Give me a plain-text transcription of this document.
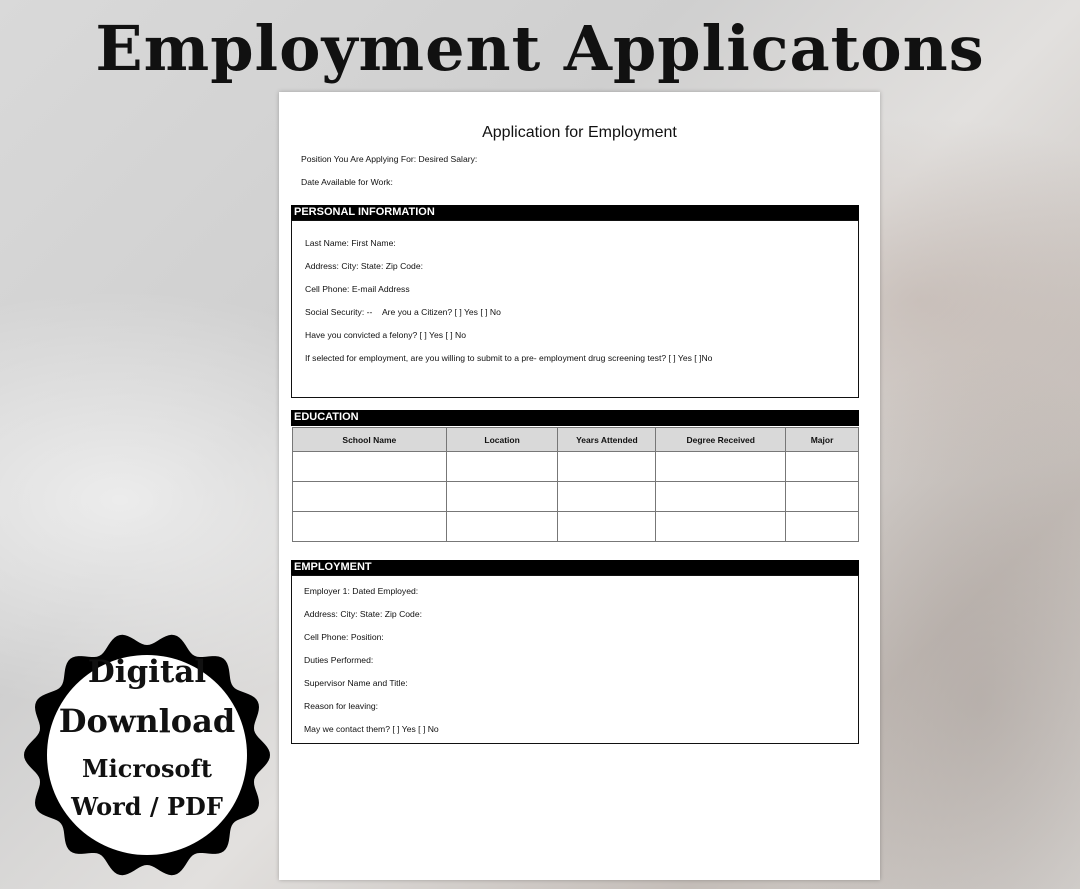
Employment Applicatons
Application for Employment
Position You Are Applying For: Desired Salary:
Date Available for Work:
PERSONAL INFORMATION
Last Name: First Name:
Address: City: State: Zip Code:
Cell Phone: E-mail Address
Social Security: -- Are you a Citizen? [ ] Yes [ ] No
Have you convicted a felony? [ ] Yes [ ] No
If selected for employment, are you willing to submit to a pre- employment drug screening test? [ ] Yes [ ]No
EDUCATION
School Name	Location	Years Attended	Degree Received	Major

EMPLOYMENT
Employer 1: Dated Employed:
Address: City: State: Zip Code:
Cell Phone: Position:
Duties Performed:
Supervisor Name and Title:
Reason for leaving:
May we contact them? [ ] Yes [ ] No
Digital
Download
Microsoft
Word / PDF
